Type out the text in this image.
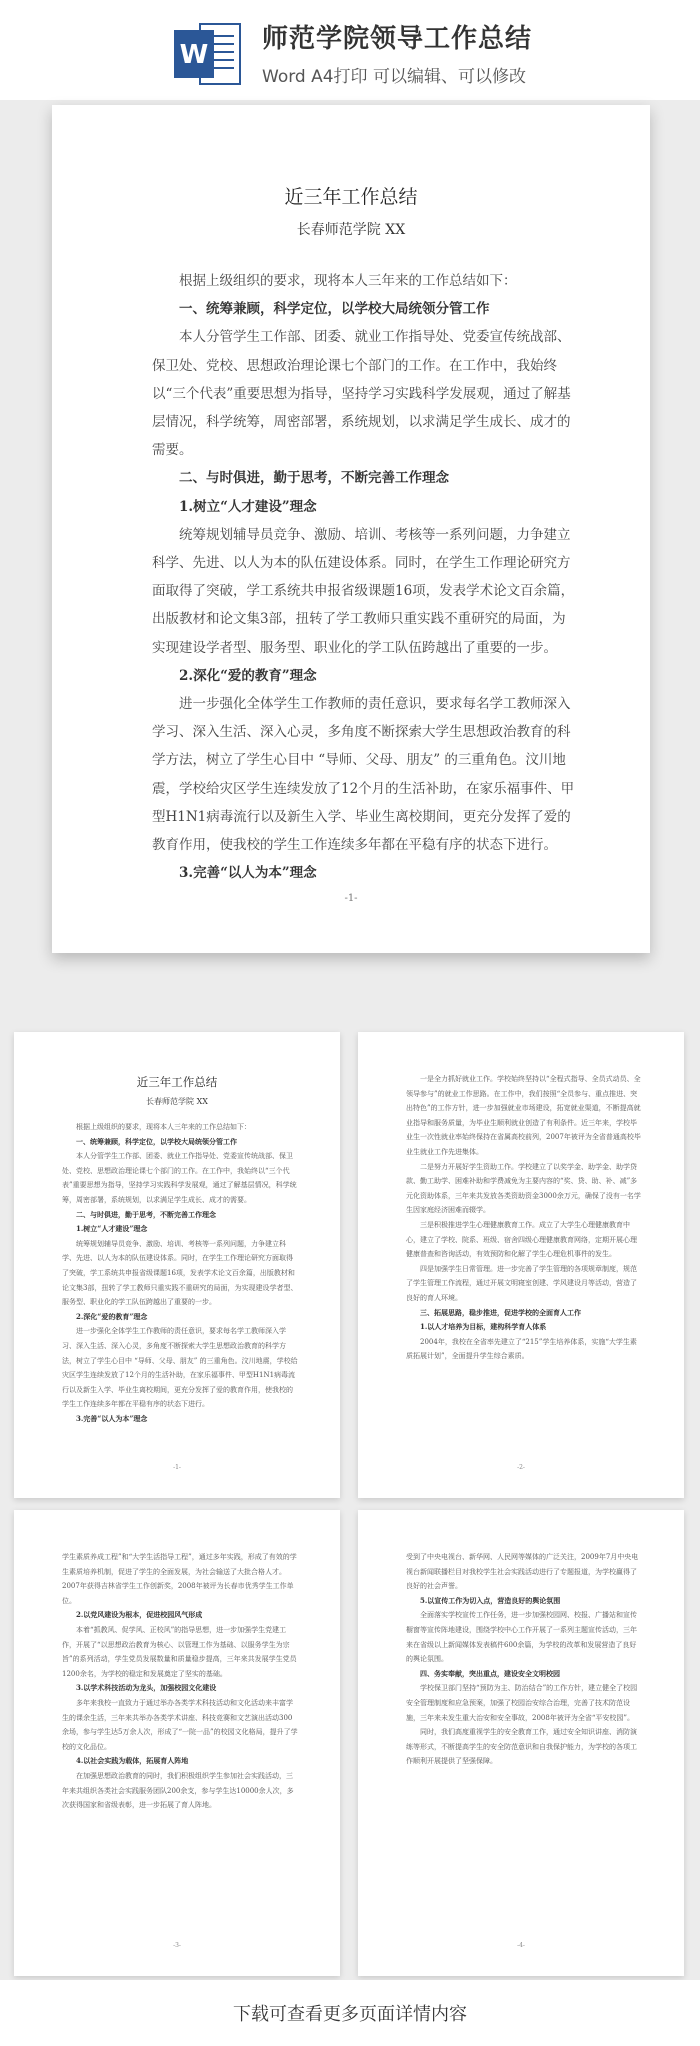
W
师范学院领导工作总结
Word A4打印 可以编辑、可以修改
近三年工作总结
长春师范学院 XX

根据上级组织的要求，现将本人三年来的工作总结如下：

一、统筹兼顾，科学定位，以学校大局统领分管工作

本人分管学生工作部、团委、就业工作指导处、党委宣传统战部、保卫处、党校、思想政治理论课七个部门的工作。在工作中，我始终以“三个代表”重要思想为指导，坚持学习实践科学发展观，通过了解基层情况，科学统筹，周密部署，系统规划，以求满足学生成长、成才的需要。

二、与时俱进，勤于思考，不断完善工作理念

1.树立“人才建设”理念

统筹规划辅导员竞争、激励、培训、考核等一系列问题，力争建立科学、先进、以人为本的队伍建设体系。同时，在学生工作理论研究方面取得了突破，学工系统共申报省级课题16项，发表学术论文百余篇，出版教材和论文集3部，扭转了学工教师只重实践不重研究的局面，为实现建设学者型、服务型、职业化的学工队伍跨越出了重要的一步。

2.深化“爱的教育”理念

进一步强化全体学生工作教师的责任意识，要求每名学工教师深入学习、深入生活、深入心灵，多角度不断探索大学生思想政治教育的科学方法，树立了学生心目中 “导师、父母、朋友” 的三重角色。汶川地震，学校给灾区学生连续发放了12个月的生活补助，在家乐福事件、甲型H1N1病毒流行以及新生入学、毕业生离校期间，更充分发挥了爱的教育作用，使我校的学生工作连续多年都在平稳有序的状态下进行。

3.完善“以人为本”理念

-1-
近三年工作总结
长春师范学院 XX

根据上级组织的要求，现将本人三年来的工作总结如下：

一、统筹兼顾，科学定位，以学校大局统领分管工作

本人分管学生工作部、团委、就业工作指导处、党委宣传统战部、保卫处、党校、思想政治理论课七个部门的工作。在工作中，我始终以“三个代表”重要思想为指导，坚持学习实践科学发展观，通过了解基层情况，科学统筹，周密部署，系统规划，以求满足学生成长、成才的需要。

二、与时俱进，勤于思考，不断完善工作理念

1.树立“人才建设”理念

统筹规划辅导员竞争、激励、培训、考核等一系列问题，力争建立科学、先进、以人为本的队伍建设体系。同时，在学生工作理论研究方面取得了突破，学工系统共申报省级课题16项，发表学术论文百余篇，出版教材和论文集3部，扭转了学工教师只重实践不重研究的局面，为实现建设学者型、服务型、职业化的学工队伍跨越出了重要的一步。

2.深化“爱的教育”理念

进一步强化全体学生工作教师的责任意识，要求每名学工教师深入学习、深入生活、深入心灵，多角度不断探索大学生思想政治教育的科学方法，树立了学生心目中 “导师、父母、朋友” 的三重角色。汶川地震，学校给灾区学生连续发放了12个月的生活补助，在家乐福事件、甲型H1N1病毒流行以及新生入学、毕业生离校期间，更充分发挥了爱的教育作用，使我校的学生工作连续多年都在平稳有序的状态下进行。

3.完善“以人为本”理念

-1-

一是全力抓好就业工作。学校始终坚持以“全程式指导、全员式动员、全领导参与”的就业工作思路。在工作中，我们按照“全员参与、重点推进、突出特色”的工作方针，进一步加强就业市场建设，拓宽就业渠道，不断提高就业指导和服务质量，为毕业生顺利就业创造了有利条件。近三年来，学校毕业生一次性就业率始终保持在省属高校前列，2007年被评为全省普通高校毕业生就业工作先进集体。

二是努力开展好学生资助工作。学校建立了以奖学金、助学金、助学贷款、勤工助学、困难补助和学费减免为主要内容的“奖、贷、助、补、减”多元化资助体系，三年来共发放各类资助资金3000余万元，确保了没有一名学生因家庭经济困难而辍学。

三是积极推进学生心理健康教育工作。成立了大学生心理健康教育中心，建立了学校、院系、班级、宿舍四级心理健康教育网络，定期开展心理健康普查和咨询活动，有效预防和化解了学生心理危机事件的发生。

四是加强学生日常管理。进一步完善了学生管理的各项规章制度，规范了学生管理工作流程，通过开展文明寝室创建、学风建设月等活动，营造了良好的育人环境。

三、拓展思路，稳步推进，促进学校的全面育人工作

1.以人才培养为目标，建构科学育人体系

2004年，我校在全省率先建立了“215”学生培养体系，实施“大学生素质拓展计划”，全面提升学生综合素质。

-2-

学生素质养成工程”和“大学生活指导工程”，通过多年实践，形成了有效的学生素质培养机制，促进了学生的全面发展，为社会输送了大批合格人才。2007年获得吉林省学生工作创新奖，2008年被评为长春市优秀学生工作单位。

2.以党风建设为根本，促进校园风气形成

本着“抓教风、促学风、正校风”的指导思想，进一步加强学生党建工作，开展了“以思想政治教育为核心、以管理工作为基础、以服务学生为宗旨”的系列活动，学生党员发展数量和质量稳步提高，三年来共发展学生党员1200余名，为学校的稳定和发展奠定了坚实的基础。

3.以学术科技活动为龙头，加强校园文化建设

多年来我校一直致力于通过举办各类学术科技活动和文化活动来丰富学生的课余生活，三年来共举办各类学术讲座、科技竞赛和文艺演出活动300余场，参与学生达5万余人次，形成了“一院一品”的校园文化格局，提升了学校的文化品位。

4.以社会实践为载体，拓展育人阵地

在加强思想政治教育的同时，我们积极组织学生参加社会实践活动，三年来共组织各类社会实践服务团队200余支，参与学生达10000余人次，多次获得国家和省级表彰，进一步拓展了育人阵地。

-3-

受到了中央电视台、新华网、人民网等媒体的广泛关注，2009年7月中央电视台新闻联播栏目对我校学生社会实践活动进行了专题报道，为学校赢得了良好的社会声誉。

5.以宣传工作为切入点，营造良好的舆论氛围

全面落实学校宣传工作任务，进一步加强校园网、校报、广播站和宣传橱窗等宣传阵地建设，围绕学校中心工作开展了一系列主题宣传活动，三年来在省级以上新闻媒体发表稿件600余篇，为学校的改革和发展营造了良好的舆论氛围。

四、务实奉献，突出重点，建设安全文明校园

学校保卫部门坚持“预防为主、防治结合”的工作方针，建立健全了校园安全管理制度和应急预案，加强了校园治安综合治理，完善了技术防范设施，三年来未发生重大治安和安全事故，2008年被评为全省“平安校园”。

同时，我们高度重视学生的安全教育工作，通过安全知识讲座、消防演练等形式，不断提高学生的安全防范意识和自我保护能力，为学校的各项工作顺利开展提供了坚强保障。

-4-
下载可查看更多页面详情内容
